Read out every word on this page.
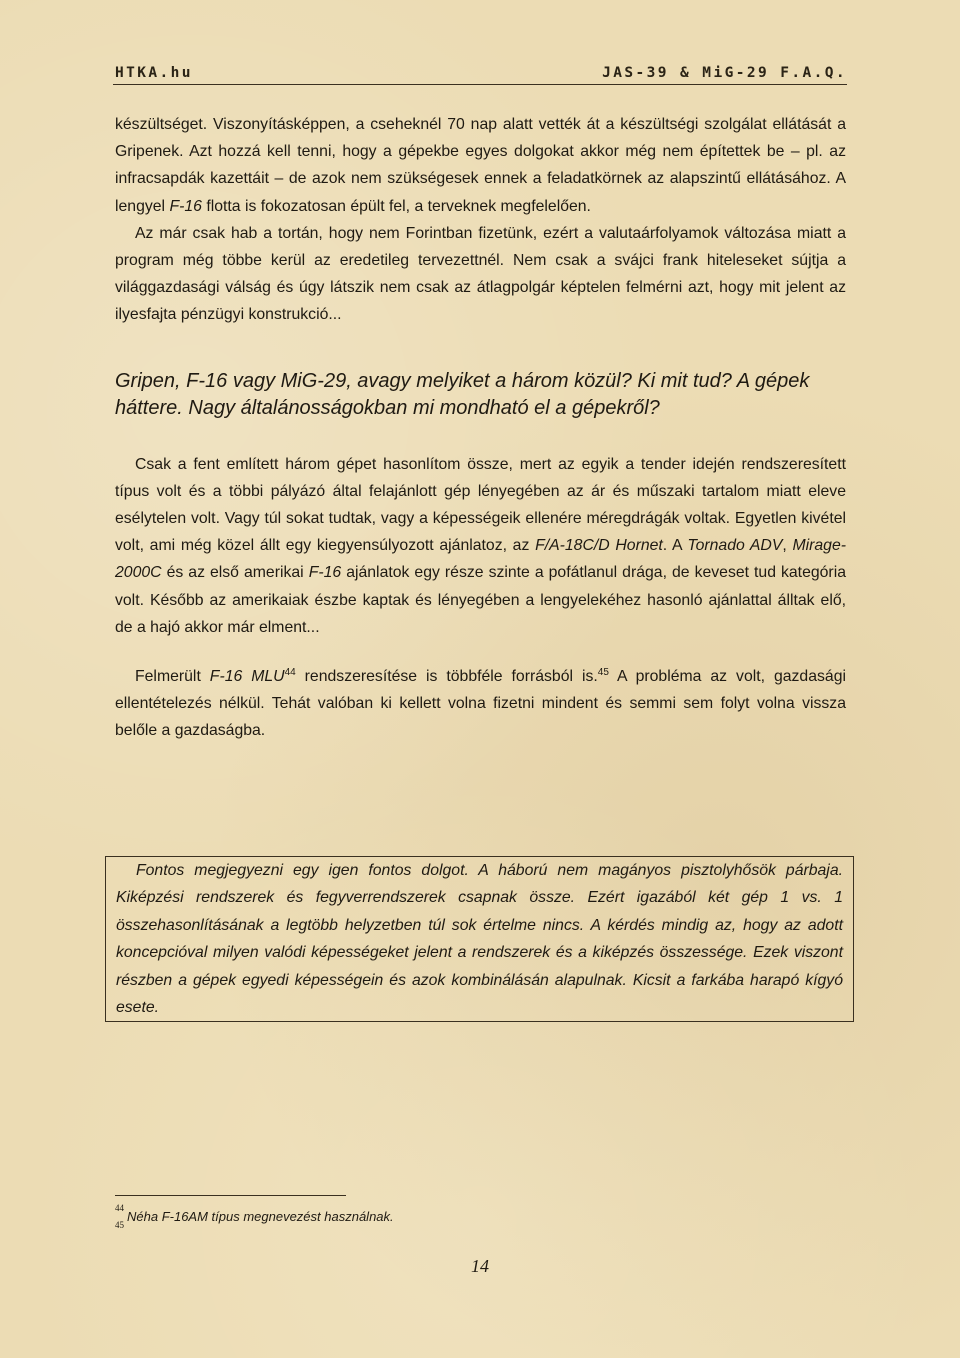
HTKA.hu	JAS-39 & MiG-29 F.A.Q.

készültséget. Viszonyításképpen, a cseheknél 70 nap alatt vették át a készültségi szolgálat ellátását a Gripenek. Azt hozzá kell tenni, hogy a gépekbe egyes dolgokat akkor még nem építettek be – pl. az infracsapdák kazettáit – de azok nem szükségesek ennek a feladatkörnek az alapszintű ellátásához. A lengyel F-16 flotta is fokozatosan épült fel, a terveknek megfelelően.

Az már csak hab a tortán, hogy nem Forintban fizetünk, ezért a valutaárfolyamok változása miatt a program még többe kerül az eredetileg tervezettnél. Nem csak a svájci frank hiteleseket sújtja a világgazdasági válság és úgy látszik nem csak az átlagpolgár képtelen felmérni azt, hogy mit jelent az ilyesfajta pénzügyi konstrukció...

Gripen, F-16 vagy MiG-29, avagy melyiket a három közül? Ki mit tud? A gépek háttere. Nagy általánosságokban mi mondható el a gépekről?

Csak a fent említett három gépet hasonlítom össze, mert az egyik a tender idején rendszeresített típus volt és a többi pályázó által felajánlott gép lényegében az ár és műszaki tartalom miatt eleve esélytelen volt. Vagy túl sokat tudtak, vagy a képességeik ellenére méregdrágák voltak. Egyetlen kivétel volt, ami még közel állt egy kiegyensúlyozott ajánlatoz, az F/A-18C/D Hornet. A Tornado ADV, Mirage-2000C és az első amerikai F-16 ajánlatok egy része szinte a pofátlanul drága, de keveset tud kategória volt. Később az amerikaiak észbe kaptak és lényegében a lengyelekéhez hasonló ajánlattal álltak elő, de a hajó akkor már elment...

Felmerült F-16 MLU$^{44}$ rendszeresítése is többféle forrásból is.$^{45}$ A probléma az volt, gazdasági ellentételezés nélkül. Tehát valóban ki kellett volna fizetni mindent és semmi sem folyt volna vissza belőle a gazdaságba.

Fontos megjegyezni egy igen fontos dolgot. A háború nem magányos pisztolyhősök párbaja. Kiképzési rendszerek és fegyverrendszerek csapnak össze. Ezért igazából két gép 1 vs. 1 összehasonlításának a legtöbb helyzetben túl sok értelme nincs. A kérdés mindig az, hogy az adott koncepcióval milyen valódi képességeket jelent a rendszerek és a kiképzés összessége. Ezek viszont részben a gépek egyedi képességein és azok kombinálásán alapulnak. Kicsit a farkába harapó kígyó esete.

$^{44}$Néha F-16AM típus megnevezést használnak.
$^{45}$
14
